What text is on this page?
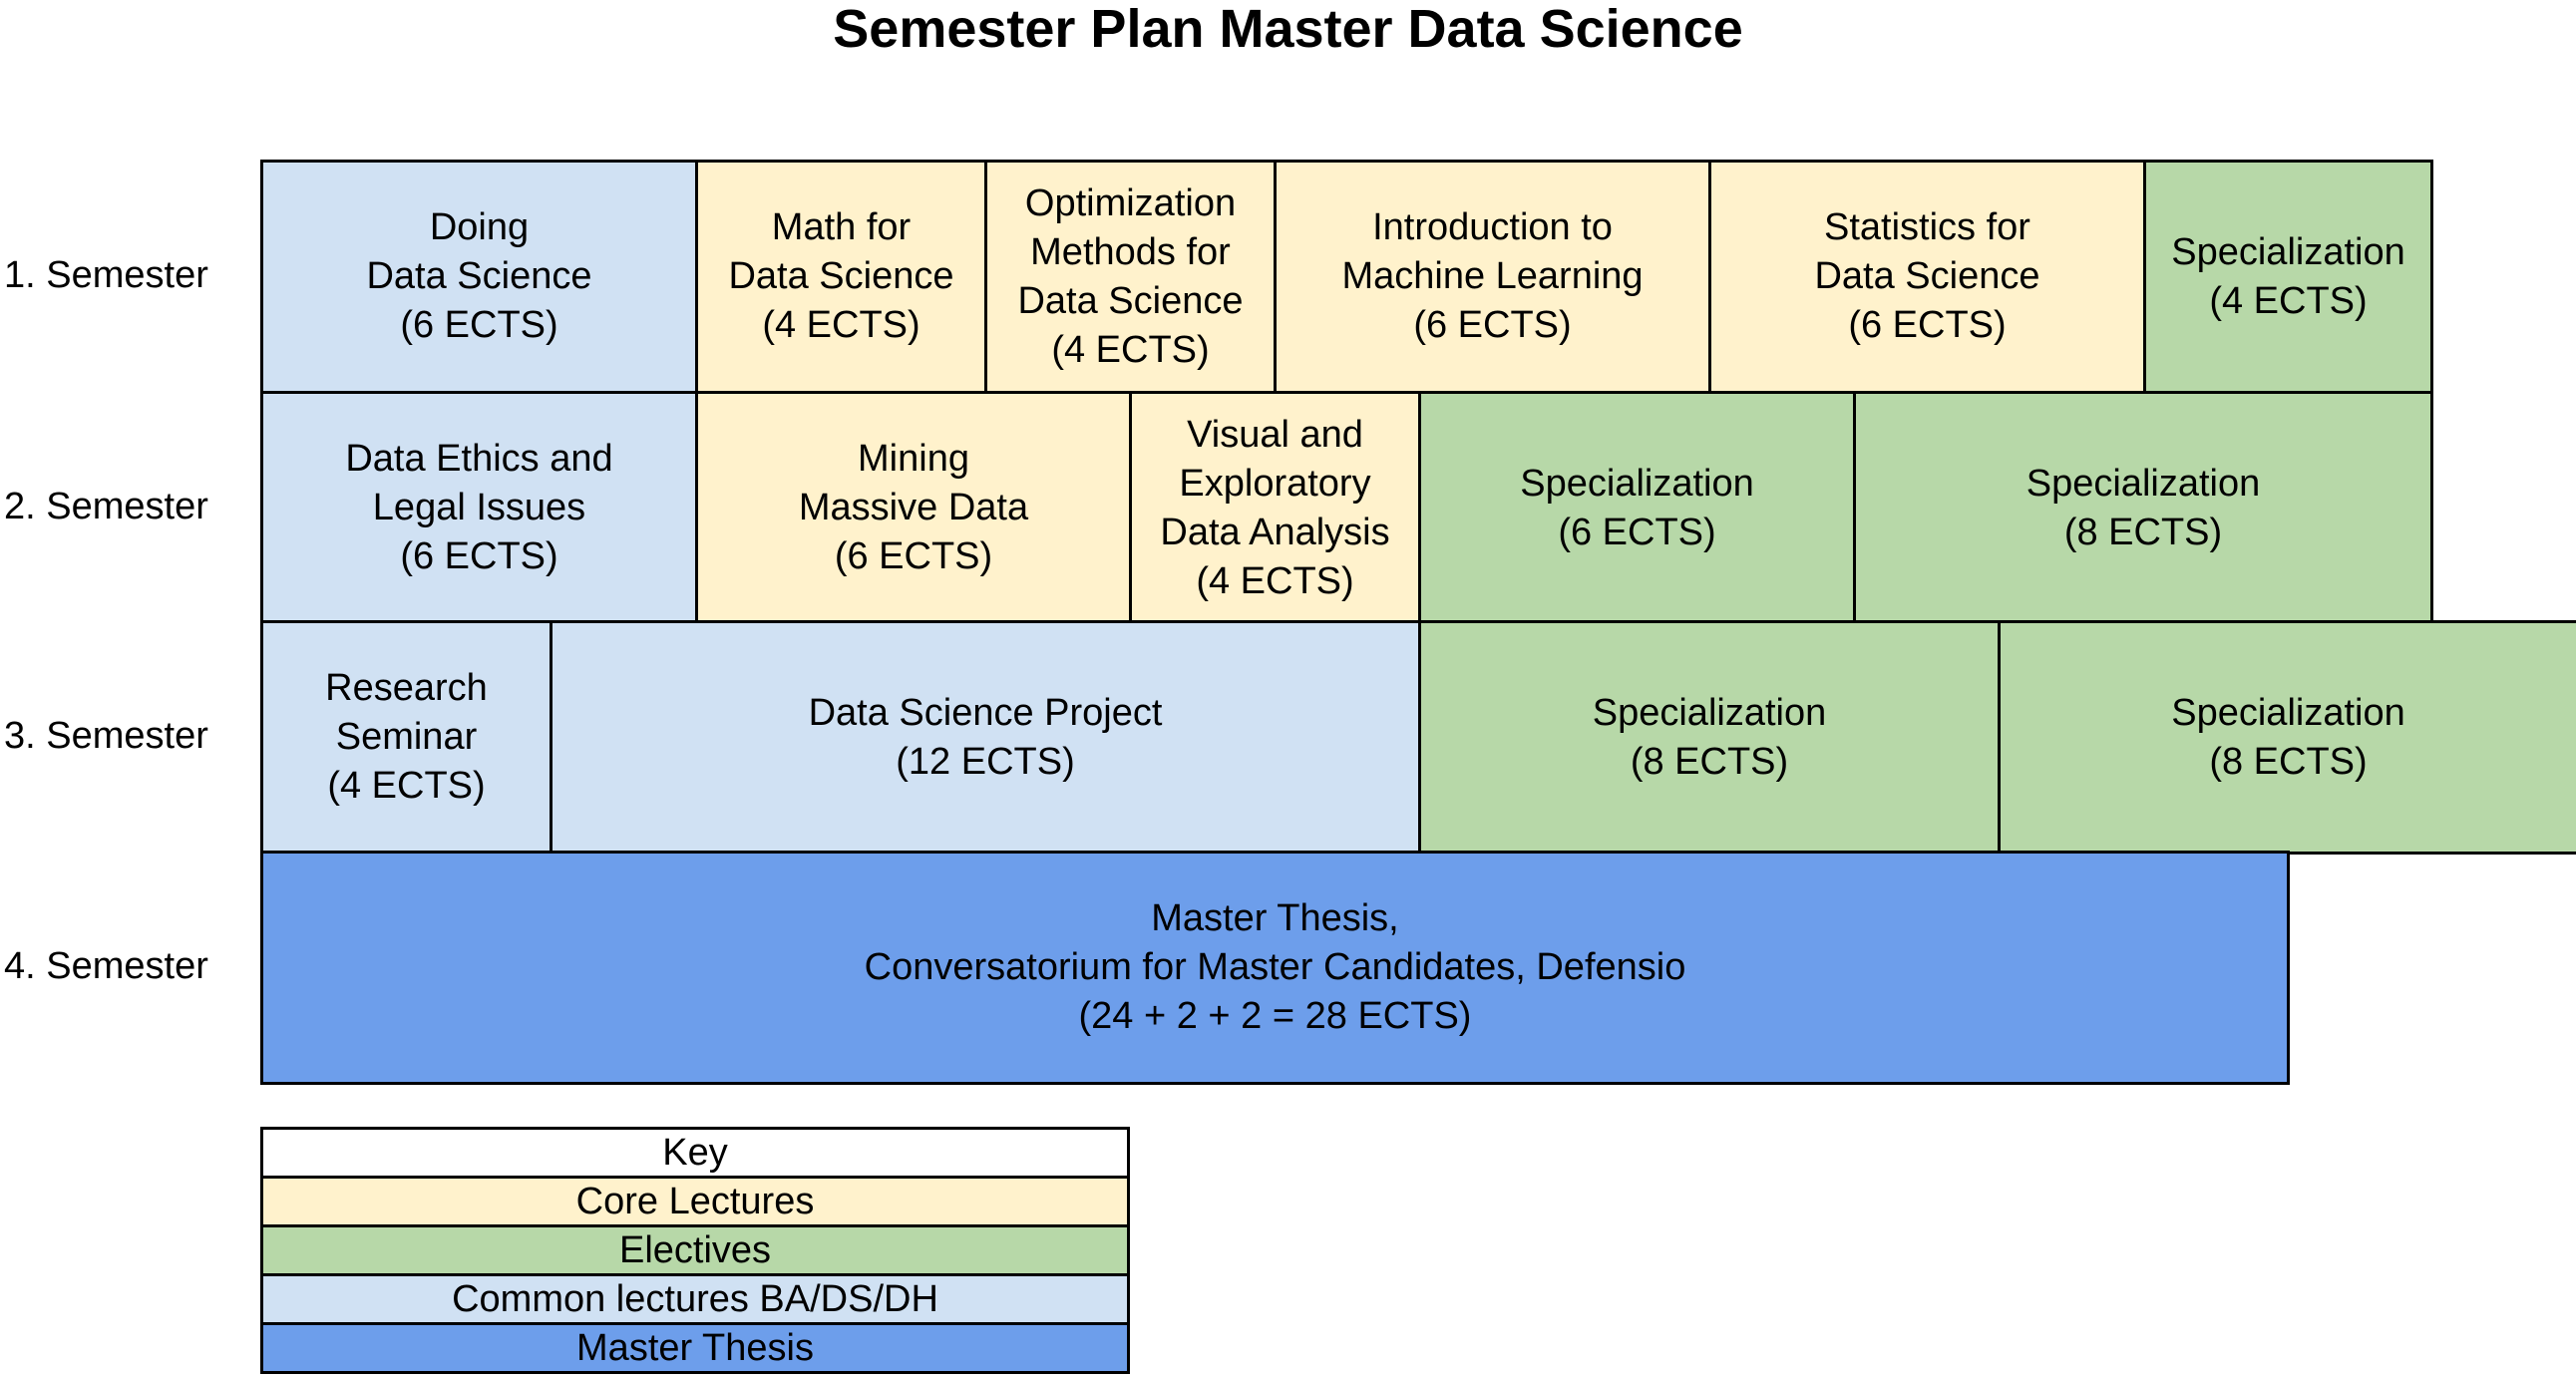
Semester Plan Master Data Science
1. Semester
Doing
Data Science
(6 ECTS)
Math for
Data Science
(4 ECTS)
Optimization
Methods for
Data Science
(4 ECTS)
Introduction to
Machine Learning
(6 ECTS)
Statistics for
Data Science
(6 ECTS)
Specialization
(4 ECTS)
2. Semester
Data Ethics and
Legal Issues
(6 ECTS)
Mining
Massive Data
(6 ECTS)
Visual and
Exploratory
Data Analysis
(4 ECTS)
Specialization
(6 ECTS)
Specialization
(8 ECTS)
3. Semester
Research
Seminar
(4 ECTS)
Data Science Project
(12 ECTS)
Specialization
(8 ECTS)
Specialization
(8 ECTS)
4. Semester
Master Thesis,
Conversatorium for Master Candidates, Defensio
(24 + 2 + 2 = 28 ECTS)
Key
Core Lectures
Electives
Common lectures BA/DS/DH
Master Thesis
